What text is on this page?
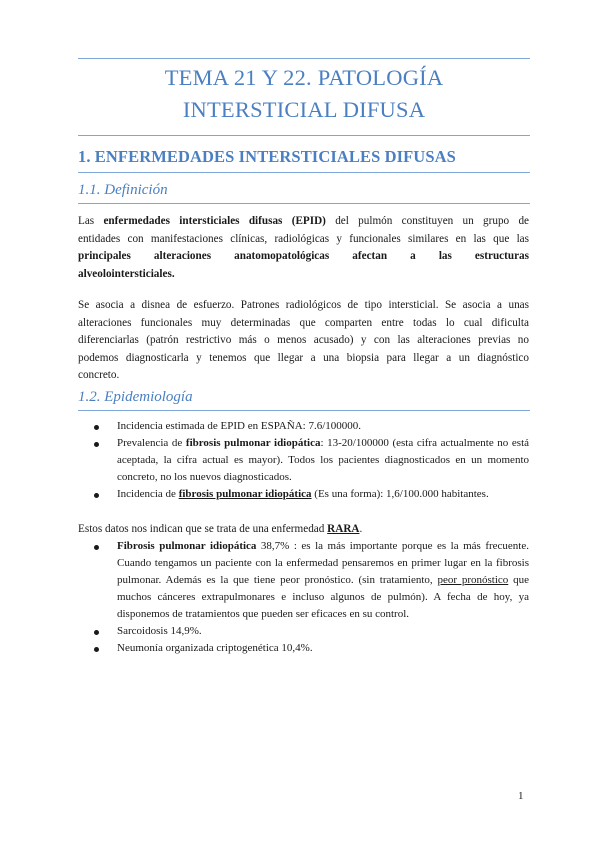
TEMA 21 Y 22. PATOLOGÍA
INTERSTICIAL DIFUSA
1. ENFERMEDADES INTERSTICIALES DIFUSAS
1.1. Definición
Las enfermedades intersticiales difusas (EPID) del pulmón constituyen un grupo de
entidades con manifestaciones clínicas, radiológicas y funcionales similares en las que las
principales alteraciones anatomopatológicas afectan a las estructuras
alveolointersticiales.
Se asocia a disnea de esfuerzo. Patrones radiológicos de tipo intersticial. Se asocia a unas
alteraciones funcionales muy determinadas que comparten entre todas lo cual dificulta
diferenciarlas (patrón restrictivo más o menos acusado) y con las alteraciones previas no
podemos diagnosticarla y tenemos que llegar a una biopsia para llegar a un diagnóstico
concreto.
1.2. Epidemiología
Incidencia estimada de EPID en ESPAÑA: 7.6/100000.
Prevalencia de fibrosis pulmonar idiopática: 13-20/100000 (esta cifra actualmente no está aceptada, la cifra actual es mayor). Todos los pacientes diagnosticados en un momento concreto, no los nuevos diagnosticados.
Incidencia de fibrosis pulmonar idiopática (Es una forma): 1,6/100.000 habitantes.
Estos datos nos indican que se trata de una enfermedad RARA.
Fibrosis pulmonar idiopática 38,7% : es la más importante porque es la más frecuente. Cuando tengamos un paciente con la enfermedad pensaremos en primer lugar en la fibrosis pulmonar. Además es la que tiene peor pronóstico. (sin tratamiento, peor pronóstico que muchos cánceres extrapulmonares e incluso algunos de pulmón). A fecha de hoy, ya disponemos de tratamientos que pueden ser eficaces en su control.
Sarcoidosis 14,9%.
Neumonía organizada criptogenética 10,4%.
1
